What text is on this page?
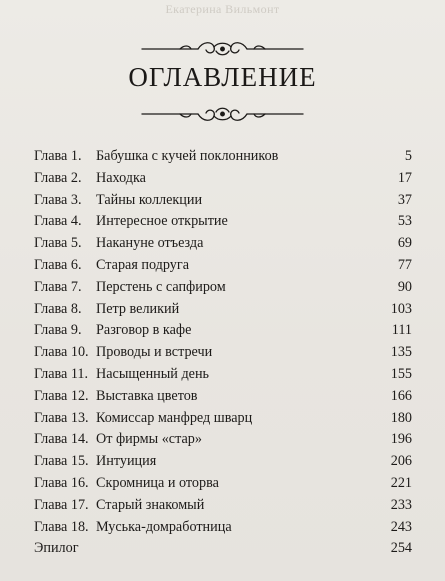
Екатерина Вильмонт
ОГЛАВЛЕНИЕ
Глава 1. Бабушка с кучей поклонников	5
Глава 2. Находка	17
Глава 3. Тайны коллекции	37
Глава 4. Интересное открытие	53
Глава 5. Накануне отъезда	69
Глава 6. Старая подруга	77
Глава 7. Перстень с сапфиром	90
Глава 8. Петр великий	103
Глава 9. Разговор в кафе	111
Глава 10. Проводы и встречи	135
Глава 11. Насыщенный день	155
Глава 12. Выставка цветов	166
Глава 13. Комиссар манфред шварц	180
Глава 14. От фирмы «стар»	196
Глава 15. Интуиция	206
Глава 16. Скромница и оторва	221
Глава 17. Старый знакомый	233
Глава 18. Муська-домработница	243
Эпилог	254
